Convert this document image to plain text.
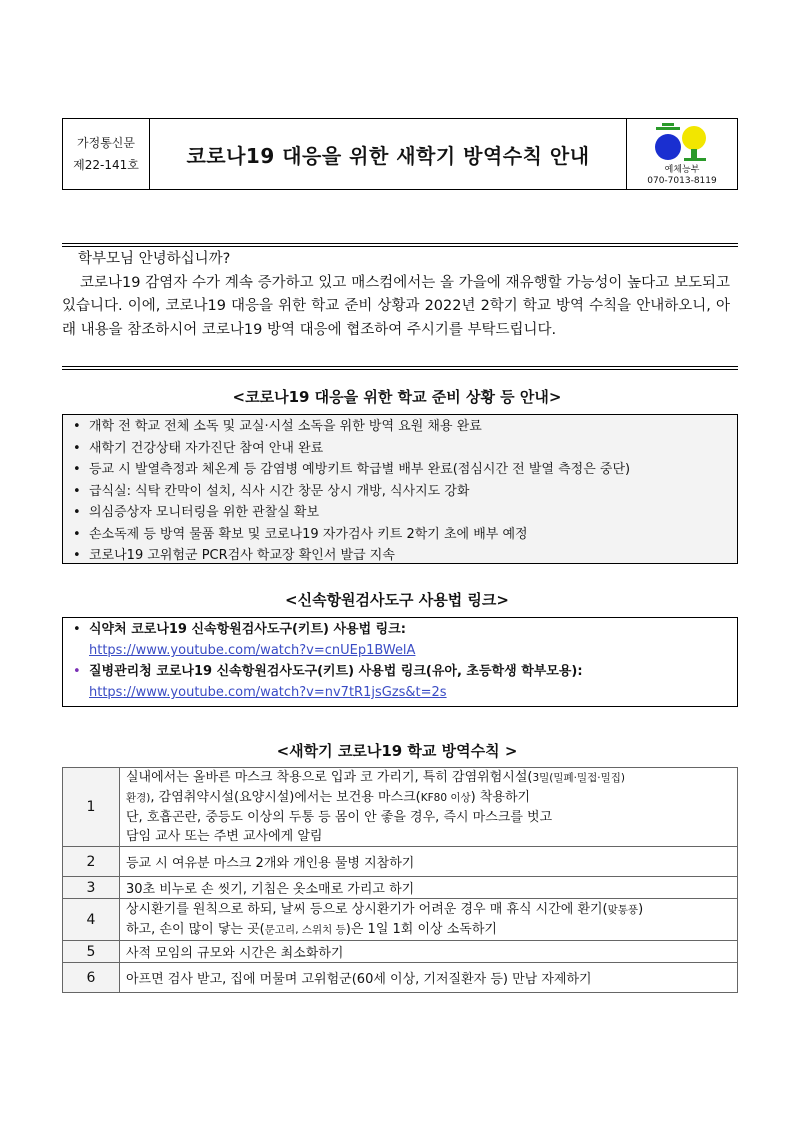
가정통신문
제22-141호	코로나19 대응을 위한 새학기 방역수칙 안내
예체능부
070-7013-8119
학부모님 안녕하십니까?
코로나19 감염자 수가 계속 증가하고 있고 매스컴에서는 올 가을에 재유행할 가능성이 높다고 보도되고 있습니다. 이에, 코로나19 대응을 위한 학교 준비 상황과 2022년 2학기 학교 방역 수칙을 안내하오니, 아래 내용을 참조하시어 코로나19 방역 대응에 협조하여 주시기를 부탁드립니다.
<코로나19 대응을 위한 학교 준비 상황 등 안내>
• 개학 전 학교 전체 소독 및 교실·시설 소독을 위한 방역 요원 채용 완료
• 새학기 건강상태 자가진단 참여 안내 완료
• 등교 시 발열측정과 체온계 등 감염병 예방키트 학급별 배부 완료(점심시간 전 발열 측정은 중단)
• 급식실: 식탁 칸막이 설치, 식사 시간 창문 상시 개방, 식사지도 강화
• 의심증상자 모니터링을 위한 관찰실 확보
• 손소독제 등 방역 물품 확보 및 코로나19 자가검사 키트 2학기 초에 배부 예정
• 코로나19 고위험군 PCR검사 학교장 확인서 발급 지속
<신속항원검사도구 사용법 링크>
• 식약처 코로나19 신속항원검사도구(키트) 사용법 링크:
https://www.youtube.com/watch?v=cnUEp1BWelA
• 질병관리청 코로나19 신속항원검사도구(키트) 사용법 링크(유아, 초등학생 학부모용):
https://www.youtube.com/watch?v=nv7tR1jsGzs&t=2s
<새학기 코로나19 학교 방역수칙 >
1	실내에서는 올바른 마스크 착용으로 입과 코 가리기, 특히 감염위험시설(3밀(밀폐·밀접·밀집)
환경), 감염취약시설(요양시설)에서는 보건용 마스크(KF80 이상) 착용하기
단, 호흡곤란, 중등도 이상의 두통 등 몸이 안 좋을 경우, 즉시 마스크를 벗고
담임 교사 또는 주변 교사에게 알림

2	등교 시 여유분 마스크 2개와 개인용 물병 지참하기
3	30초 비누로 손 씻기, 기침은 옷소매로 가리고 하기
4	상시환기를 원칙으로 하되, 날씨 등으로 상시환기가 어려운 경우 매 휴식 시간에 환기(맞통풍)
하고, 손이 많이 닿는 곳(문고리, 스위치 등)은 1일 1회 이상 소독하기

5	사적 모임의 규모와 시간은 최소화하기
6	아프면 검사 받고, 집에 머물며 고위험군(60세 이상, 기저질환자 등) 만남 자제하기
